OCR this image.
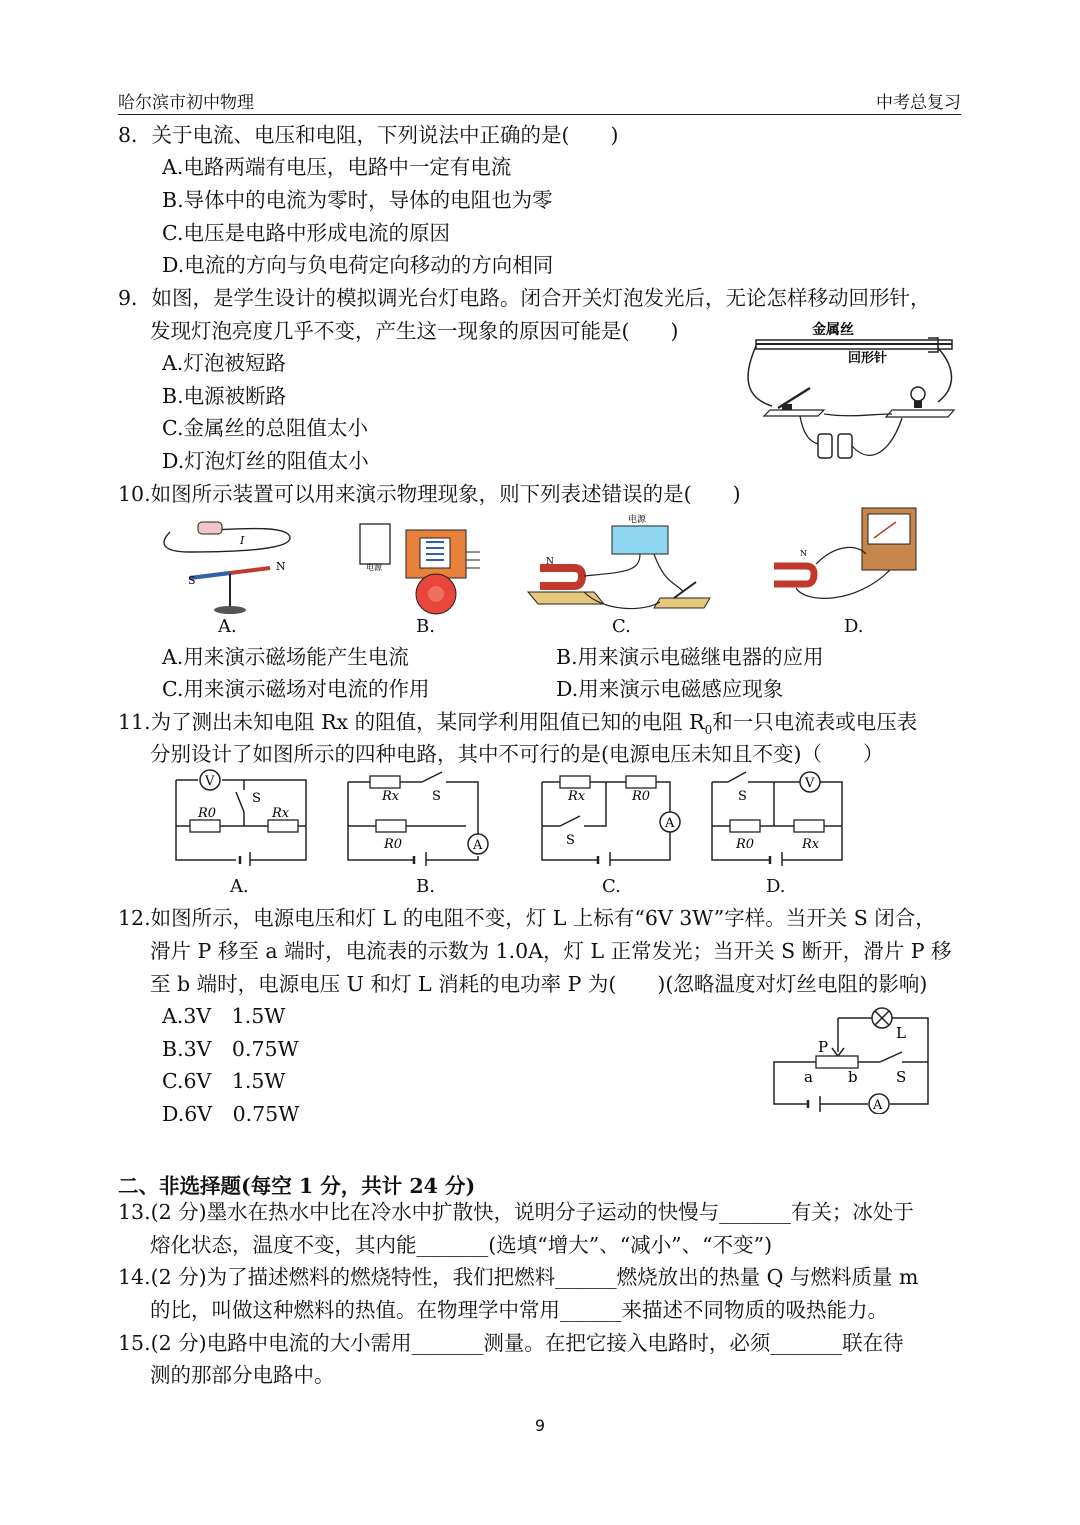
哈尔滨市初中物理	中考总复习
8．关于电流、电压和电阻，下列说法中正确的是(　　)
A.电路两端有电压，电路中一定有电流
B.导体中的电流为零时，导体的电阻也为零
C.电压是电路中形成电流的原因
D.电流的方向与负电荷定向移动的方向相同
9．如图，是学生设计的模拟调光台灯电路。闭合开关灯泡发光后，无论怎样移动回形针，
发现灯泡亮度几乎不变，产生这一现象的原因可能是(　　)
A.灯泡被短路
B.电源被断路
C.金属丝的总阻值太小
D.灯泡灯丝的阻值太小
金属丝
回形针
10.如图所示装置可以用来演示物理现象，则下列表述错误的是(　　)
I
S
N	电源
电源
N
N
A.	B.	C.	D.
A.用来演示磁场能产生电流	B.用来演示电磁继电器的应用
C.用来演示磁场对电流的作用	D.用来演示电磁感应现象
11.为了测出未知电阻 Rx 的阻值，某同学利用阻值已知的电阻 $R_0$和一只电流表或电压表
分别设计了如图所示的四种电路，其中不可行的是(电源电压未知且不变)（　　）
V
R0	Rx
S	Rx	S
R0	A
Rx	R0
A
S
S
V
R0	Rx
A.	B.	C.	D.
12.如图所示，电源电压和灯 L 的电阻不变，灯 L 上标有“6V 3W”字样。当开关 S 闭合，
滑片 P 移至 a 端时，电流表的示数为 1.0A，灯 L 正常发光；当开关 S 断开，滑片 P 移
至 b 端时，电源电压 U 和灯 L 消耗的电功率 P 为(　　)(忽略温度对灯丝电阻的影响)
A.3V　1.5W
B.3V　0.75W
C.6V　1.5W
D.6V　0.75W
L
P
a b	S
A
二、非选择题(每空 1 分，共计 24 分)
13.(2 分)墨水在热水中比在冷水中扩散快，说明分子运动的快慢与_______有关；冰处于
熔化状态，温度不变，其内能_______(选填“增大”、“减小”、“不变”)
14.(2 分)为了描述燃料的燃烧特性，我们把燃料______燃烧放出的热量 Q 与燃料质量 m
的比，叫做这种燃料的热值。在物理学中常用______来描述不同物质的吸热能力。
15.(2 分)电路中电流的大小需用_______测量。在把它接入电路时，必须_______联在待
测的那部分电路中。
9
